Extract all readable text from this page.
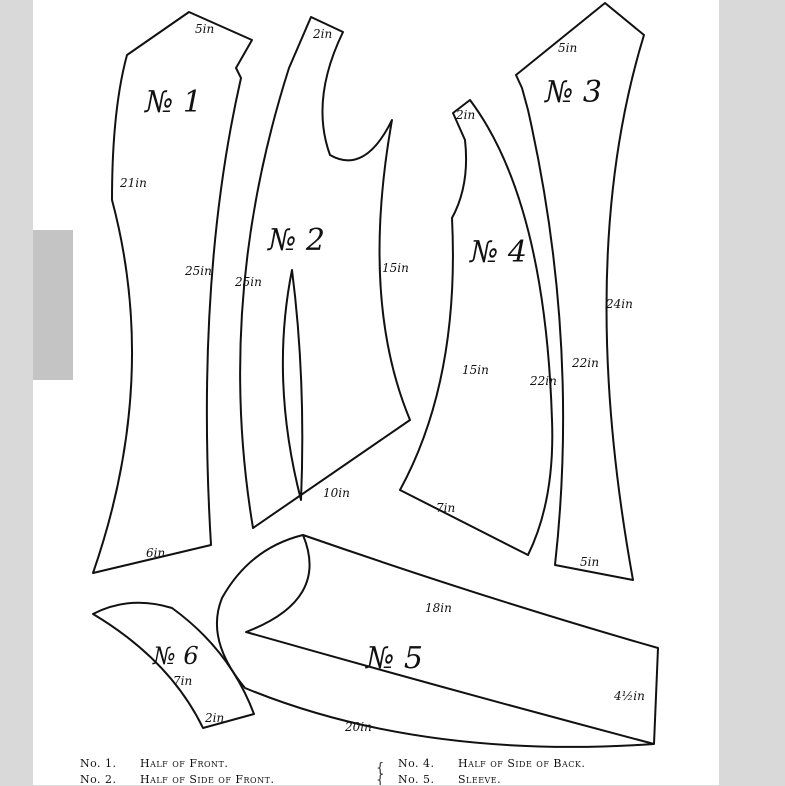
№ 1
№ 2
№ 3
№ 4
№ 5
№ 6
5in
21in
25in
6in
2in
25in
15in
10in
5in
24in
22in
5in
2in
15in
22in
7in
18in
4½in
20in
7in
2in
{
{
No. 1. Half of Front.
No. 2. Half of Side of Front.
No. 4. Half of Side of Back.
No. 5. Sleeve.
